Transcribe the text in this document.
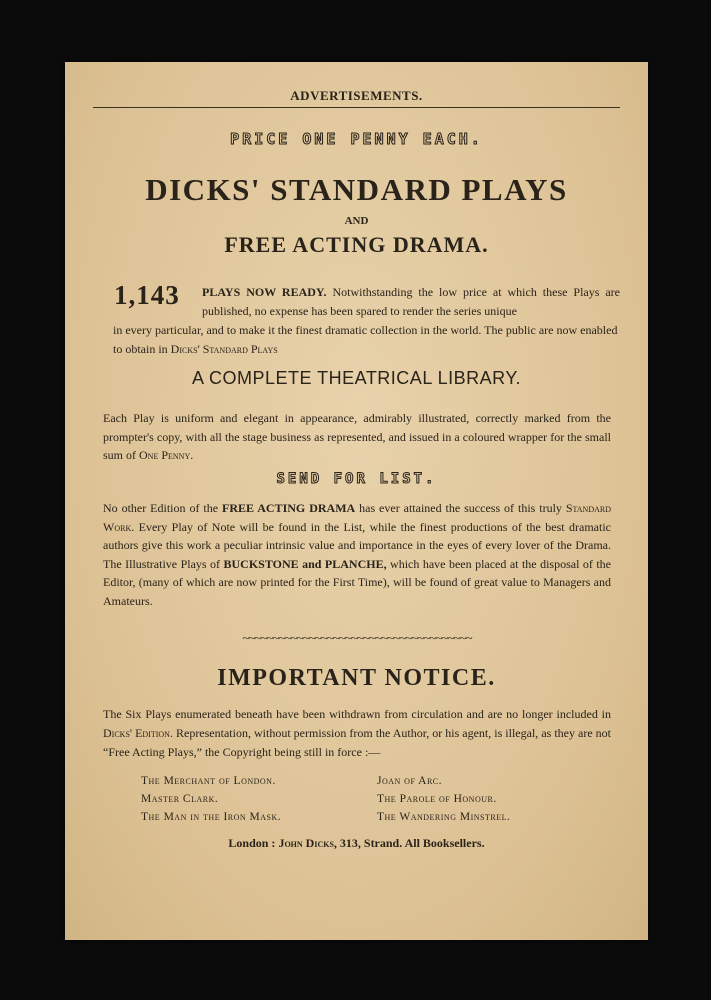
ADVERTISEMENTS.
PRICE ONE PENNY EACH.
DICKS' STANDARD PLAYS
AND
FREE ACTING DRAMA.
1,143 PLAYS NOW READY. Notwithstanding the low price at which these Plays are published, no expense has been spared to render the series unique
in every particular, and to make it the finest dramatic collection in the world. The public are now enabled to obtain in Dicks' Standard Plays
A COMPLETE THEATRICAL LIBRARY.
Each Play is uniform and elegant in appearance, admirably illustrated, correctly marked from the prompter's copy, with all the stage business as represented, and issued in a coloured wrapper for the small sum of One Penny.
SEND FOR LIST.
No other Edition of the FREE ACTING DRAMA has ever attained the success of this truly Standard Work. Every Play of Note will be found in the List, while the finest productions of the best dramatic authors give this work a peculiar intrinsic value and importance in the eyes of every lover of the Drama. The Illustrative Plays of BUCKSTONE and PLANCHE, which have been placed at the disposal of the Editor, (many of which are now printed for the First Time), will be found of great value to Managers and Amateurs.
~~~~~~~~~~~~~~~~~~~~~~~~~~~~~~~~~~~~~~
IMPORTANT NOTICE.
The Six Plays enumerated beneath have been withdrawn from circulation and are no longer included in Dicks' Edition. Representation, without permission from the Author, or his agent, is illegal, as they are not “Free Acting Plays,” the Copyright being still in force :—
The Merchant of London.
Master Clark.
The Man in the Iron Mask.
Joan of Arc.
The Parole of Honour.
The Wandering Minstrel.
London : John Dicks, 313, Strand. All Booksellers.
